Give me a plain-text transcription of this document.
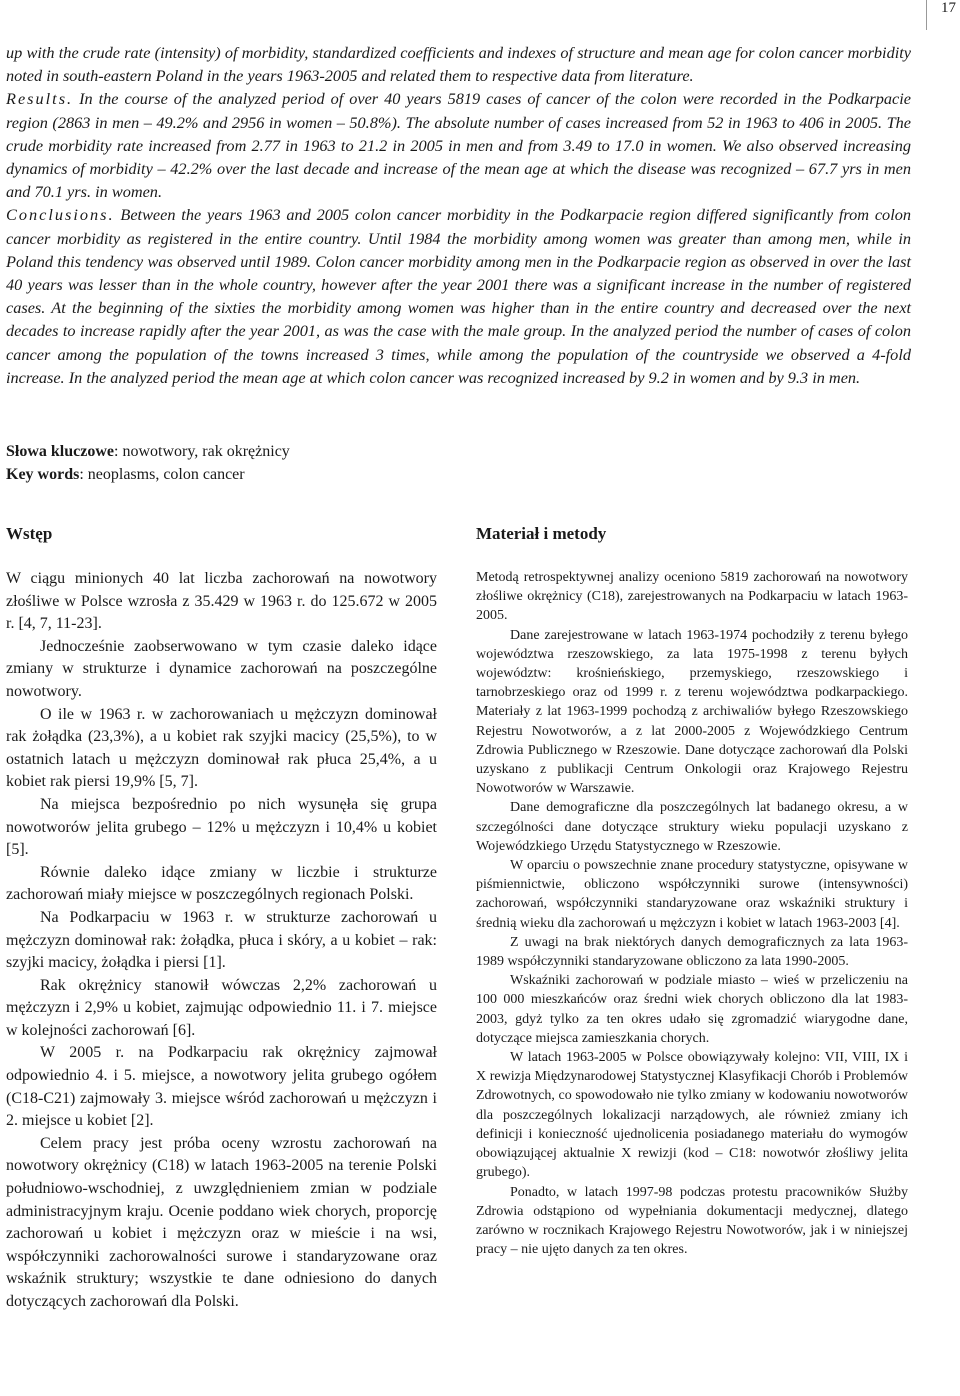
17

up with the crude rate (intensity) of morbidity, standardized coefficients and indexes of structure and mean age for colon cancer morbidity noted in south-eastern Poland in the years 1963-2005 and related them to respective data from literature.

Results. In the course of the analyzed period of over 40 years 5819 cases of cancer of the colon were recorded in the Podkarpacie region (2863 in men – 49.2% and 2956 in women – 50.8%). The absolute number of cases increased from 52 in 1963 to 406 in 2005. The crude morbidity rate increased from 2.77 in 1963 to 21.2 in 2005 in men and from 3.49 to 17.0 in women. We also observed increasing dynamics of morbidity – 42.2% over the last decade and increase of the mean age at which the disease was recognized – 67.7 yrs in men and 70.1 yrs. in women.

Conclusions. Between the years 1963 and 2005 colon cancer morbidity in the Podkarpacie region differed significantly from colon cancer morbidity as registered in the entire country. Until 1984 the morbidity among women was greater than among men, while in Poland this tendency was observed until 1989. Colon cancer morbidity among men in the Podkarpacie region as observed in over the last 40 years was lesser than in the whole country, however after the year 2001 there was a significant increase in the number of registered cases. At the beginning of the sixties the morbidity among women was higher than in the entire country and decreased over the next decades to increase rapidly after the year 2001, as was the case with the male group. In the analyzed period the number of cases of colon cancer among the population of the towns increased 3 times, while among the population of the countryside we observed a 4-fold increase. In the analyzed period the mean age at which colon cancer was recognized increased by 9.2 in women and by 9.3 in men.

Słowa kluczowe: nowotwory, rak okrężnicy

Key words: neoplasms, colon cancer

Wstęp	Materiał i metody

W ciągu minionych 40 lat liczba zachorowań na nowotwory złośliwe w Polsce wzrosła z 35.429 w 1963 r. do 125.672 w 2005 r. [4, 7, 11-23].

Jednocześnie zaobserwowano w tym czasie daleko idące zmiany w strukturze i dynamice zachorowań na poszczególne nowotwory.

O ile w 1963 r. w zachorowaniach u mężczyzn dominował rak żołądka (23,3%), a u kobiet rak szyjki macicy (25,5%), to w ostatnich latach u mężczyzn dominował rak płuca 25,4%, a u kobiet rak piersi 19,9% [5, 7].

Na miejsca bezpośrednio po nich wysunęła się grupa nowotworów jelita grubego – 12% u mężczyzn i 10,4% u kobiet [5].

Równie daleko idące zmiany w liczbie i strukturze zachorowań miały miejsce w poszczególnych regionach Polski.

Na Podkarpaciu w 1963 r. w strukturze zachorowań u mężczyzn dominował rak: żołądka, płuca i skóry, a u kobiet – rak: szyjki macicy, żołądka i piersi [1].

Rak okrężnicy stanowił wówczas 2,2% zachorowań u mężczyzn i 2,9% u kobiet, zajmując odpowiednio 11. i 7. miejsce w kolejności zachorowań [6].

W 2005 r. na Podkarpaciu rak okrężnicy zajmował odpowiednio 4. i 5. miejsce, a nowotwory jelita grubego ogółem (C18-C21) zajmowały 3. miejsce wśród zachorowań u mężczyzn i 2. miejsce u kobiet [2].

Celem pracy jest próba oceny wzrostu zachorowań na nowotwory okrężnicy (C18) w latach 1963-2005 na terenie Polski południowo-wschodniej, z uwzględnieniem zmian w podziale administracyjnym kraju. Ocenie poddano wiek chorych, proporcję zachorowań u kobiet i mężczyzn oraz w mieście i na wsi, współczynniki zachorowalności surowe i standaryzowane oraz wskaźnik struktury; wszystkie te dane odniesiono do danych dotyczących zachorowań dla Polski.

Metodą retrospektywnej analizy oceniono 5819 zachorowań na nowotwory złośliwe okrężnicy (C18), zarejestrowanych na Podkarpaciu w latach 1963-2005.

Dane zarejestrowane w latach 1963-1974 pochodziły z terenu byłego województwa rzeszowskiego, za lata 1975-1998 z terenu byłych województw: krośnieńskiego, przemyskiego, rzeszowskiego i tarnobrzeskiego oraz od 1999 r. z terenu województwa podkarpackiego. Materiały z lat 1963-1999 pochodzą z archiwaliów byłego Rzeszowskiego Rejestru Nowotworów, a z lat 2000-2005 z Wojewódzkiego Centrum Zdrowia Publicznego w Rzeszowie. Dane dotyczące zachorowań dla Polski uzyskano z publikacji Centrum Onkologii oraz Krajowego Rejestru Nowotworów w Warszawie.

Dane demograficzne dla poszczególnych lat badanego okresu, a w szczególności dane dotyczące struktury wieku populacji uzyskano z Wojewódzkiego Urzędu Statystycznego w Rzeszowie.

W oparciu o powszechnie znane procedury statystyczne, opisywane w piśmiennictwie, obliczono współczynniki surowe (intensywności) zachorowań, współczynniki standaryzowane oraz wskaźniki struktury i średnią wieku dla zachorowań u mężczyzn i kobiet w latach 1963-2003 [4].

Z uwagi na brak niektórych danych demograficznych za lata 1963-1989 współczynniki standaryzowane obliczono za lata 1990-2005.

Wskaźniki zachorowań w podziale miasto – wieś w przeliczeniu na 100 000 mieszkańców oraz średni wiek chorych obliczono dla lat 1983-2003, gdyż tylko za ten okres udało się zgromadzić wiarygodne dane, dotyczące miejsca zamieszkania chorych.

W latach 1963-2005 w Polsce obowiązywały kolejno: VII, VIII, IX i X rewizja Międzynarodowej Statystycznej Klasyfikacji Chorób i Problemów Zdrowotnych, co spowodowało nie tylko zmiany w kodowaniu nowotworów dla poszczególnych lokalizacji narządowych, ale również zmiany ich definicji i konieczność ujednolicenia posiadanego materiału do wymogów obowiązującej aktualnie X rewizji (kod – C18: nowotwór złośliwy jelita grubego).

Ponadto, w latach 1997-98 podczas protestu pracowników Służby Zdrowia odstąpiono od wypełniania dokumentacji medycznej, dlatego zarówno w rocznikach Krajowego Rejestru Nowotworów, jak i w niniejszej pracy – nie ujęto danych za ten okres.
